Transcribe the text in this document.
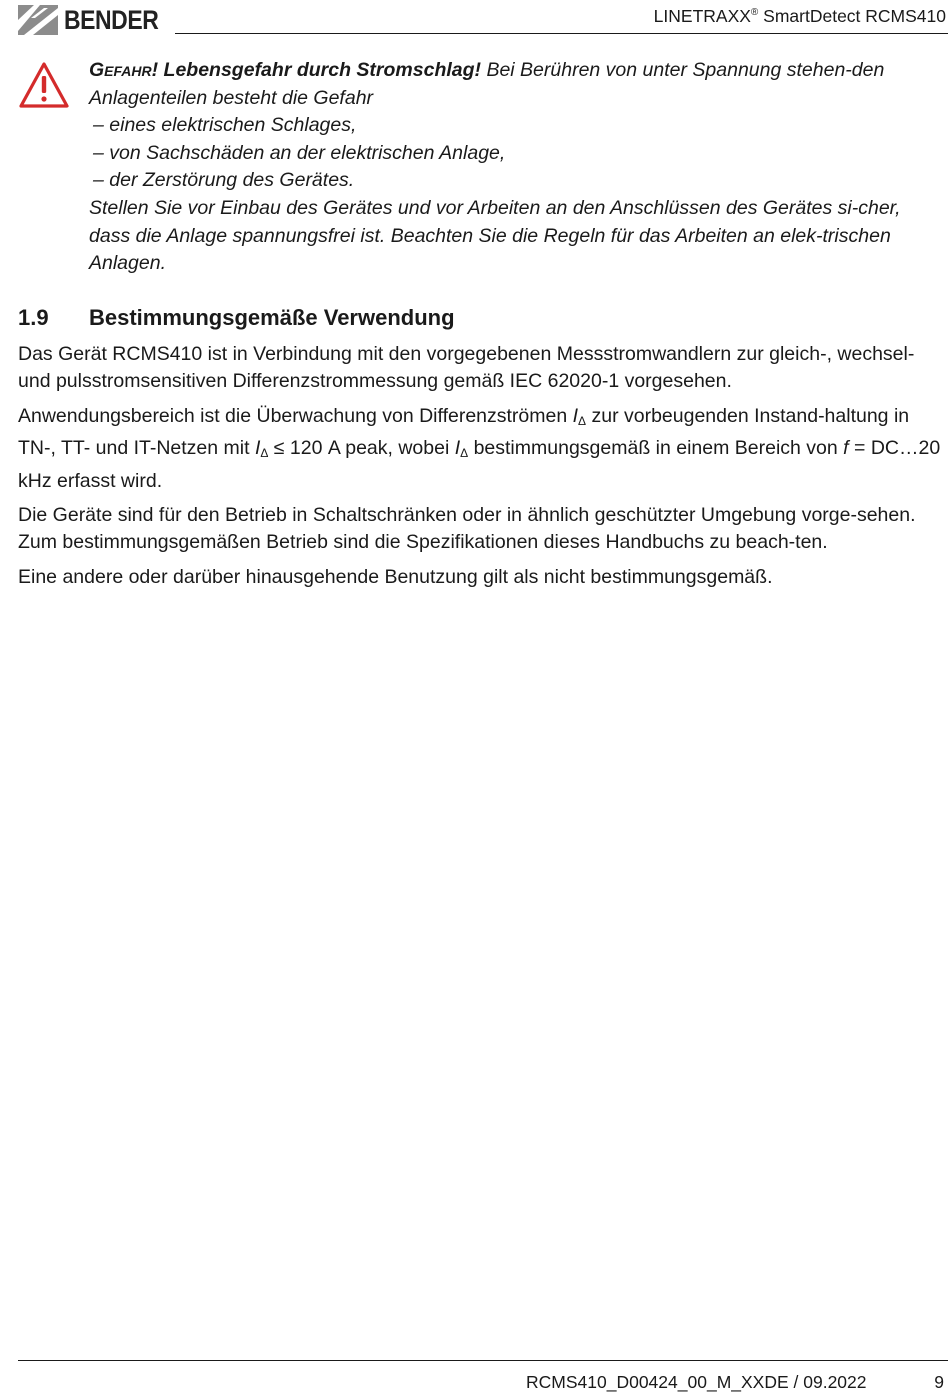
BENDER	LINETRAXX® SmartDetect RCMS410

Gefahr! Lebensgefahr durch Stromschlag! Bei Berühren von unter Spannung stehen-den Anlagenteilen besteht die Gefahr

– eines elektrischen Schlages,

– von Sachschäden an der elektrischen Anlage,

– der Zerstörung des Gerätes.

Stellen Sie vor Einbau des Gerätes und vor Arbeiten an den Anschlüssen des Gerätes si-cher, dass die Anlage spannungsfrei ist. Beachten Sie die Regeln für das Arbeiten an elek-trischen Anlagen.

1.9 Bestimmungsgemäße Verwendung

Das Gerät RCMS410 ist in Verbindung mit den vorgegebenen Messstromwandlern zur gleich-, wechsel- und pulsstromsensitiven Differenzstrommessung gemäß IEC 62020-1 vorgesehen.

Anwendungsbereich ist die Überwachung von Differenzströmen $I_\Delta$ zur vorbeugenden Instand-haltung in TN-, TT- und IT-Netzen mit $I_\Delta \le 120$ A peak, wobei $I_\Delta$ bestimmungsgemäß in einem Bereich von f = DC…20 kHz erfasst wird.

Die Geräte sind für den Betrieb in Schaltschränken oder in ähnlich geschützter Umgebung vorge-sehen. Zum bestimmungsgemäßen Betrieb sind die Spezifikationen dieses Handbuchs zu beach-ten.

Eine andere oder darüber hinausgehende Benutzung gilt als nicht bestimmungsgemäß.

RCMS410_D00424_00_M_XXDE / 09.2022	9
